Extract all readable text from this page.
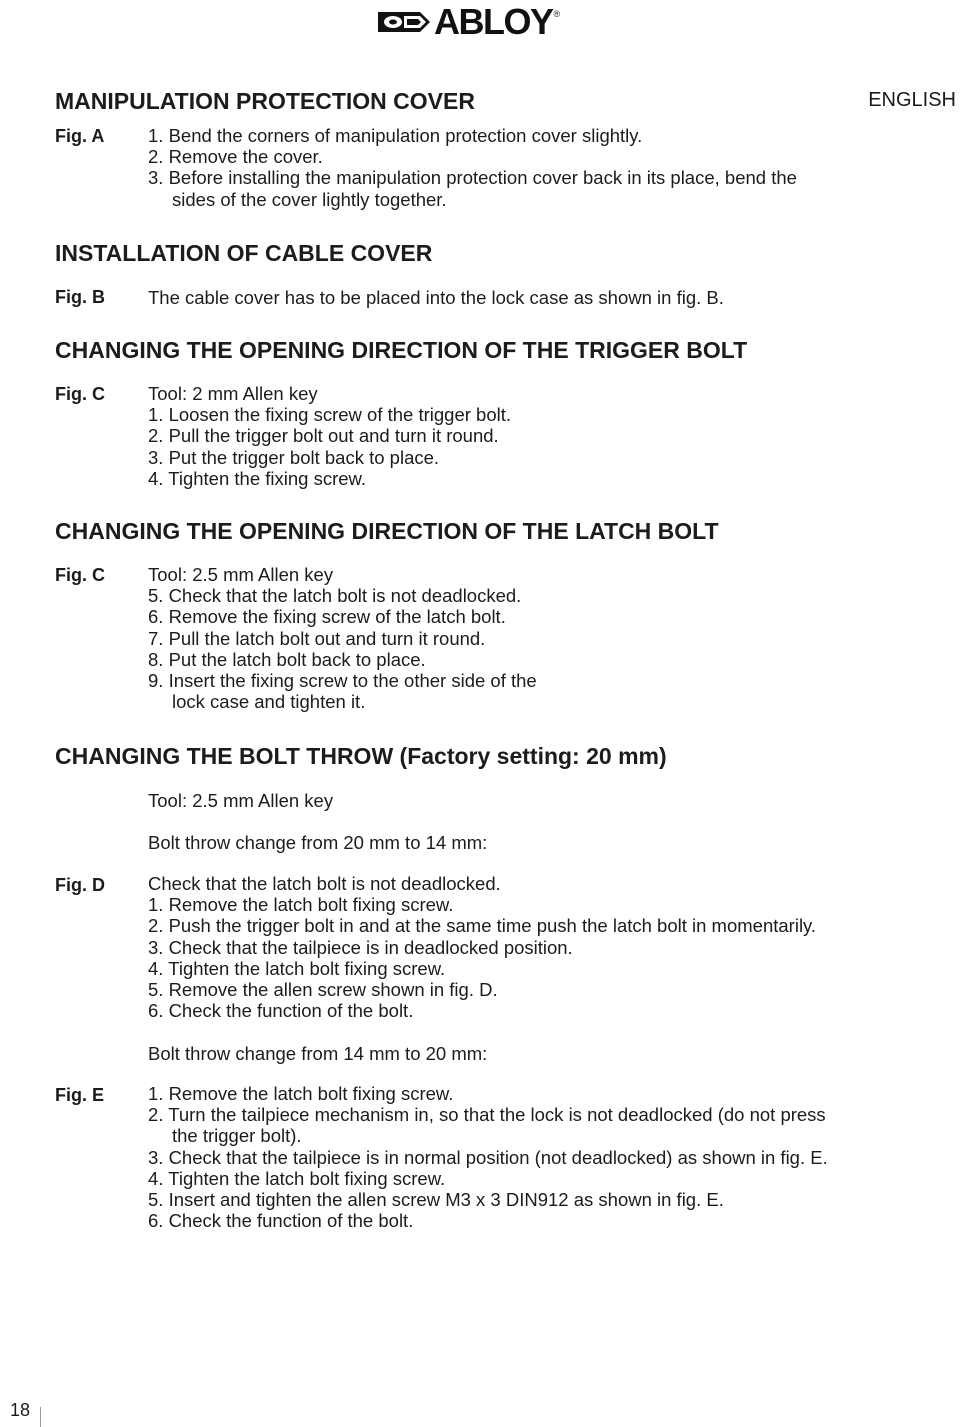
ABLOY ®
ENGLISH
MANIPULATION PROTECTION COVER
Fig. A 1. Bend the corners of manipulation protection cover slightly.
2. Remove the cover.
3. Before installing the manipulation protection cover back in its place, bend the
sides of the cover lightly together.
INSTALLATION OF CABLE COVER
Fig. B The cable cover has to be placed into the lock case as shown in fig. B.
CHANGING THE OPENING DIRECTION OF THE TRIGGER BOLT
Fig. C Tool: 2 mm Allen key
1. Loosen the fixing screw of the trigger bolt.
2. Pull the trigger bolt out and turn it round.
3. Put the trigger bolt back to place.
4. Tighten the fixing screw.
CHANGING THE OPENING DIRECTION OF THE LATCH BOLT
Fig. C Tool: 2.5 mm Allen key
5. Check that the latch bolt is not deadlocked.
6. Remove the fixing screw of the latch bolt.
7. Pull the latch bolt out and turn it round.
8. Put the latch bolt back to place.
9. Insert the fixing screw to the other side of the
lock case and tighten it.
CHANGING THE BOLT THROW (Factory setting: 20 mm)
Tool: 2.5 mm Allen key
Bolt throw change from 20 mm to 14 mm:
Fig. D Check that the latch bolt is not deadlocked.
1. Remove the latch bolt fixing screw.
2. Push the trigger bolt in and at the same time push the latch bolt in momentarily.
3. Check that the tailpiece is in deadlocked position.
4. Tighten the latch bolt fixing screw.
5. Remove the allen screw shown in fig. D.
6. Check the function of the bolt.
Bolt throw change from 14 mm to 20 mm:
Fig. E 1. Remove the latch bolt fixing screw.
2. Turn the tailpiece mechanism in, so that the lock is not deadlocked (do not press
the trigger bolt).
3. Check that the tailpiece is in normal position (not deadlocked) as shown in fig. E.
4. Tighten the latch bolt fixing screw.
5. Insert and tighten the allen screw M3 x 3 DIN912 as shown in fig. E.
6. Check the function of the bolt.
18
